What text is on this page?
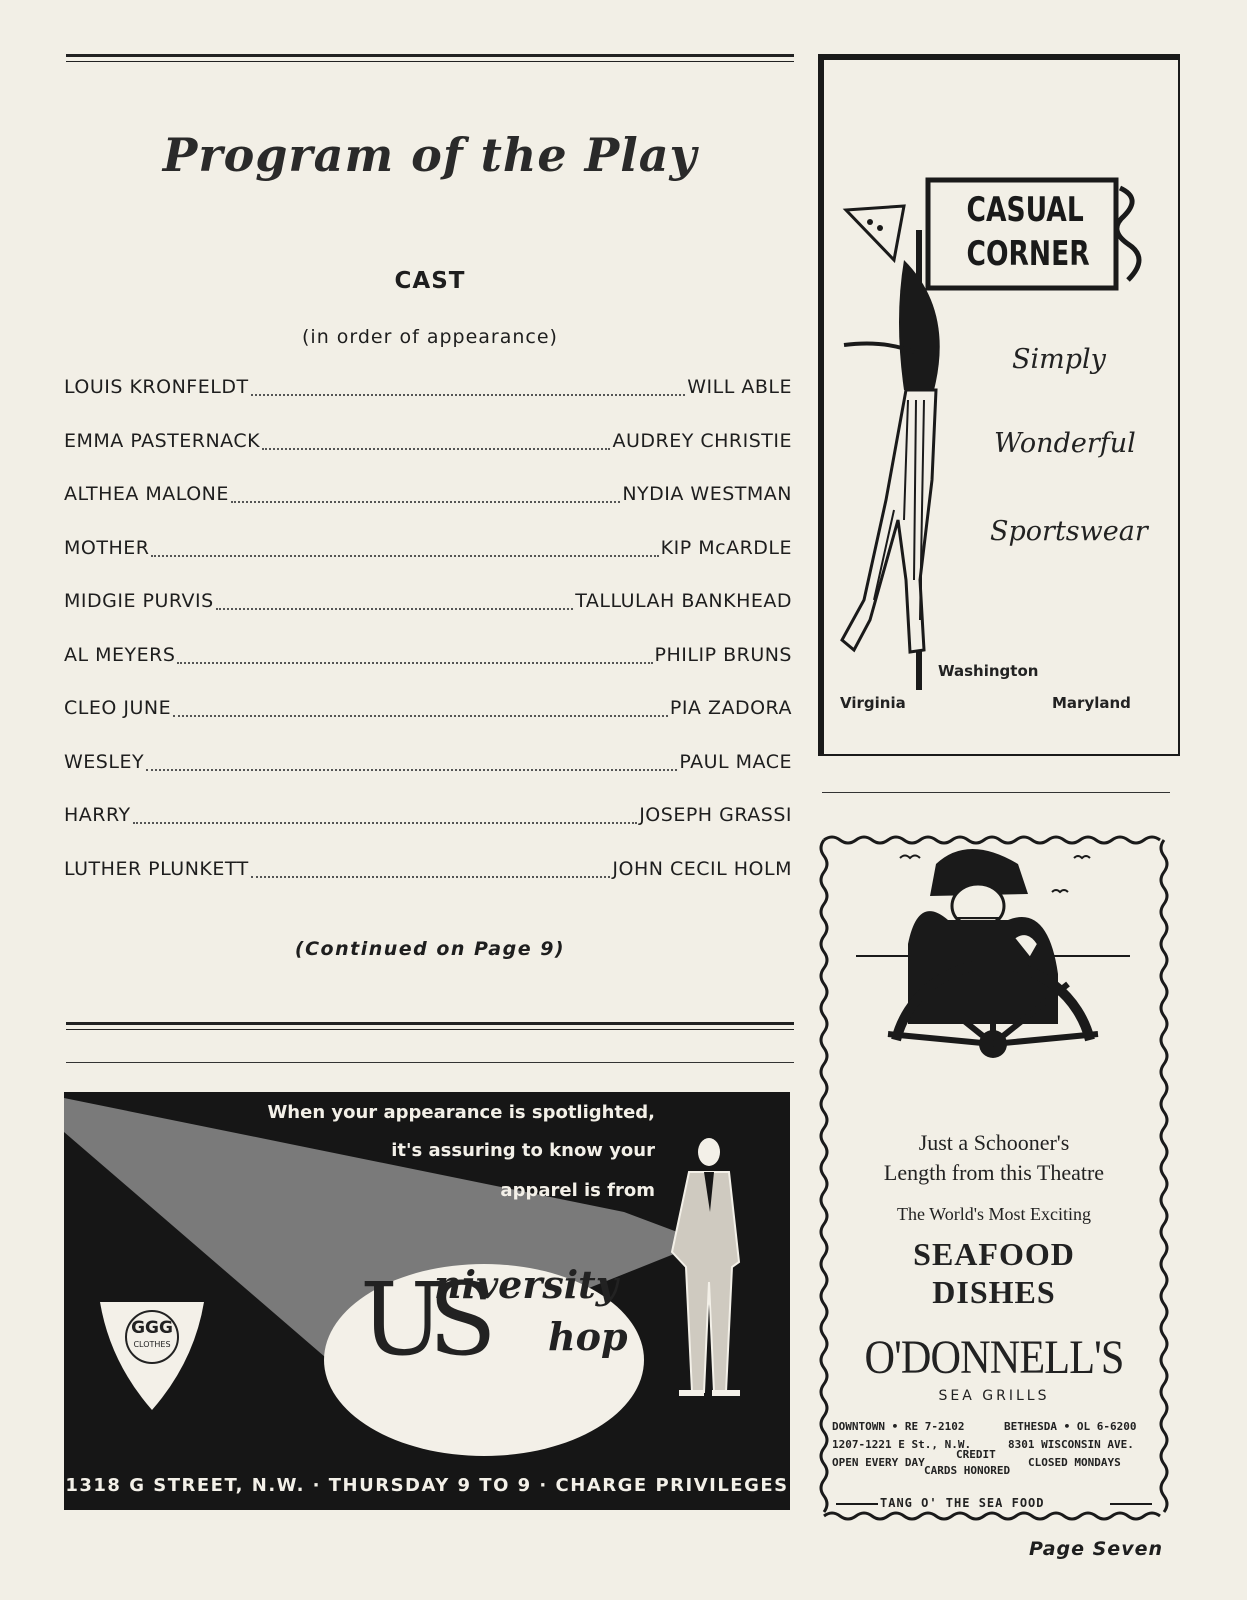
Program of the Play
CAST
(in order of appearance)
LOUIS KRONFELDT	WILL ABLE
EMMA PASTERNACK	AUDREY CHRISTIE
ALTHEA MALONE	NYDIA WESTMAN
MOTHER	KIP McARDLE
MIDGIE PURVIS	TALLULAH BANKHEAD
AL MEYERS	PHILIP BRUNS
CLEO JUNE	PIA ZADORA
WESLEY	PAUL MACE
HARRY	JOSEPH GRASSI
LUTHER PLUNKETT	JOHN CECIL HOLM
(Continued on Page 9)
When your appearance is spotlighted,
it's assuring to know your
apparel is from
GGG
CLOTHES US
niversity
hop
1318 G STREET, N.W. · THURSDAY 9 TO 9 · CHARGE PRIVILEGES
CASUAL
CORNER
Simply
Wonderful
Sportswear
Washington
Virginia	Maryland
Just a Schooner's
Length from this Theatre
The World's Most Exciting
SEAFOOD
DISHES
O'DONNELL'S
SEA GRILLS
DOWNTOWN • RE 7-2102
1207-1221 E St., N.W.
OPEN EVERY DAY
BETHESDA • OL 6-6200
8301 WISCONSIN AVE.
CLOSED MONDAYS
CREDIT
CARDS HONORED
TANG O' THE SEA FOOD
Page Seven
